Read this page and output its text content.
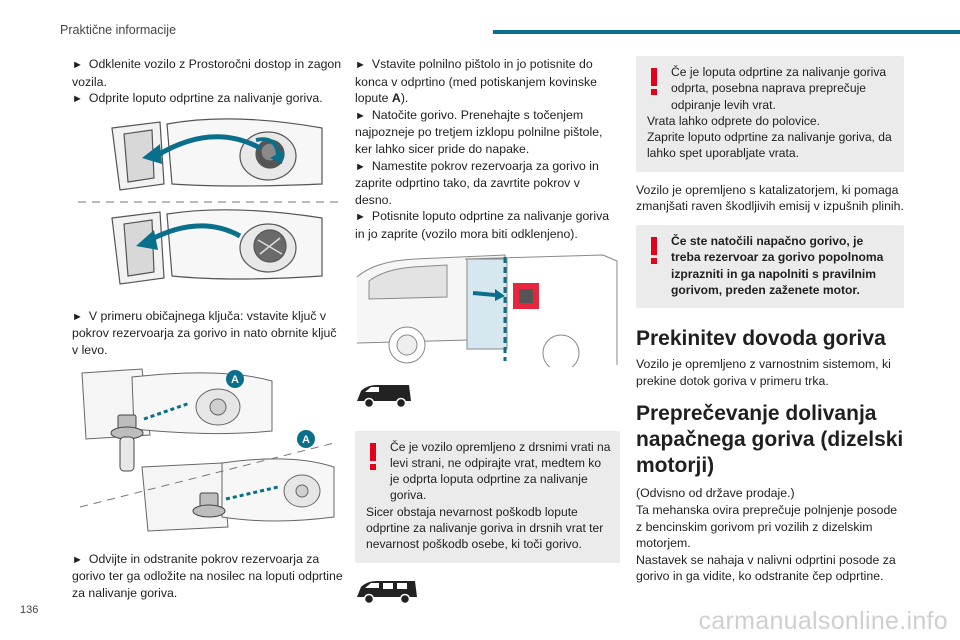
Praktične informacije

► Odklenite vozilo z Prostoročni dostop in zagon vozila.

► Odprite loputo odprtine za nalivanje goriva.

► V primeru običajnega ključa: vstavite ključ v pokrov rezervoarja za gorivo in nato obrnite ključ v levo.

A
A

► Odvijte in odstranite pokrov rezervoarja za gorivo ter ga odložite na nosilec na loputi odprtine za nalivanje goriva.

► Vstavite polnilno pištolo in jo potisnite do konca v odprtino (med potiskanjem kovinske lopute A).

► Natočite gorivo. Prenehajte s točenjem najpozneje po tretjem izklopu polnilne pištole, ker lahko sicer pride do napake.

► Namestite pokrov rezervoarja za gorivo in zaprite odprtino tako, da zavrtite pokrov v desno.

► Potisnite loputo odprtine za nalivanje goriva in jo zaprite (vozilo mora biti odklenjeno).

Če je vozilo opremljeno z drsnimi vrati na levi strani, ne odpirajte vrat, medtem ko je odprta loputa odprtine za nalivanje goriva.
Sicer obstaja nevarnost poškodb lopute odprtine za nalivanje goriva in drsnih vrat ter nevarnost poškodb osebe, ki toči gorivo.
Če je loputa odprtine za nalivanje goriva odprta, posebna naprava preprečuje odpiranje levih vrat.
Vrata lahko odprete do polovice.
Zaprite loputo odprtine za nalivanje goriva, da lahko spet uporabljate vrata.

Vozilo je opremljeno s katalizatorjem, ki pomaga zmanjšati raven škodljivih emisij v izpušnih plinih.

Če ste natočili napačno gorivo, je treba rezervoar za gorivo popolnoma izprazniti in ga napolniti s pravilnim gorivom, preden zaženete motor.
Prekinitev dovoda goriva

Vozilo je opremljeno z varnostnim sistemom, ki prekine dotok goriva v primeru trka.

Preprečevanje dolivanja napačnega goriva (dizelski motorji)

(Odvisno od države prodaje.)

Ta mehanska ovira preprečuje polnjenje posode z bencinskim gorivom pri vozilih z dizelskim motorjem.

Nastavek se nahaja v nalivni odprtini posode za gorivo in ga vidite, ko odstranite čep odprtine.

136	carmanualsonline.info
